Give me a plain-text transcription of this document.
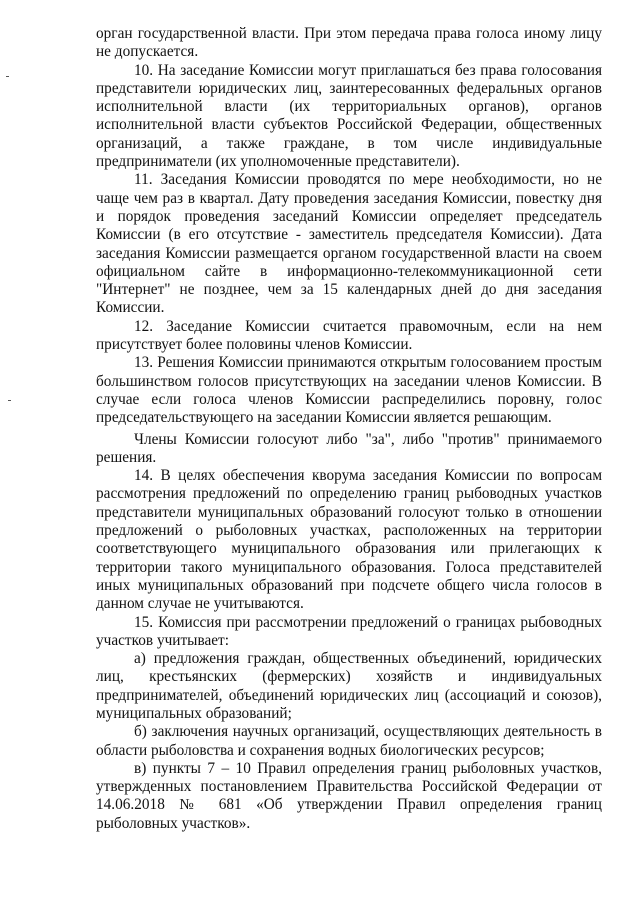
орган государственной власти. При этом передача права голоса иному лицу не допускается.

10. На заседание Комиссии могут приглашаться без права голосования представители юридических лиц, заинтересованных федеральных органов исполнительной власти (их территориальных органов), органов исполнительной власти субъектов Российской Федерации, общественных организаций, а также граждане, в том числе индивидуальные предприниматели (их уполномоченные представители).

11. Заседания Комиссии проводятся по мере необходимости, но не чаще чем раз в квартал. Дату проведения заседания Комиссии, повестку дня и порядок проведения заседаний Комиссии определяет председатель Комиссии (в его отсутствие - заместитель председателя Комиссии). Дата заседания Комиссии размещается органом государственной власти на своем официальном сайте в информационно-телекоммуникационной сети "Интернет" не позднее, чем за 15 календарных дней до дня заседания Комиссии.

12. Заседание Комиссии считается правомочным, если на нем присутствует более половины членов Комиссии.

13. Решения Комиссии принимаются открытым голосованием простым большинством голосов присутствующих на заседании членов Комиссии. В случае если голоса членов Комиссии распределились поровну, голос председательствующего на заседании Комиссии является решающим.

Члены Комиссии голосуют либо "за", либо "против" принимаемого решения.

14. В целях обеспечения кворума заседания Комиссии по вопросам рассмотрения предложений по определению границ рыбоводных участков представители муниципальных образований голосуют только в отношении предложений о рыболовных участках, расположенных на территории соответствующего муниципального образования или прилегающих к территории такого муниципального образования. Голоса представителей иных муниципальных образований при подсчете общего числа голосов в данном случае не учитываются.

15. Комиссия при рассмотрении предложений о границах рыбоводных участков учитывает:

а) предложения граждан, общественных объединений, юридических лиц, крестьянских (фермерских) хозяйств и индивидуальных предпринимателей, объединений юридических лиц (ассоциаций и союзов), муниципальных образований;

б) заключения научных организаций, осуществляющих деятельность в области рыболовства и сохранения водных биологических ресурсов;

в) пункты 7 – 10 Правил определения границ рыболовных участков, утвержденных постановлением Правительства Российской Федерации от 14.06.2018 № 681 «Об утверждении Правил определения границ рыболовных участков».
